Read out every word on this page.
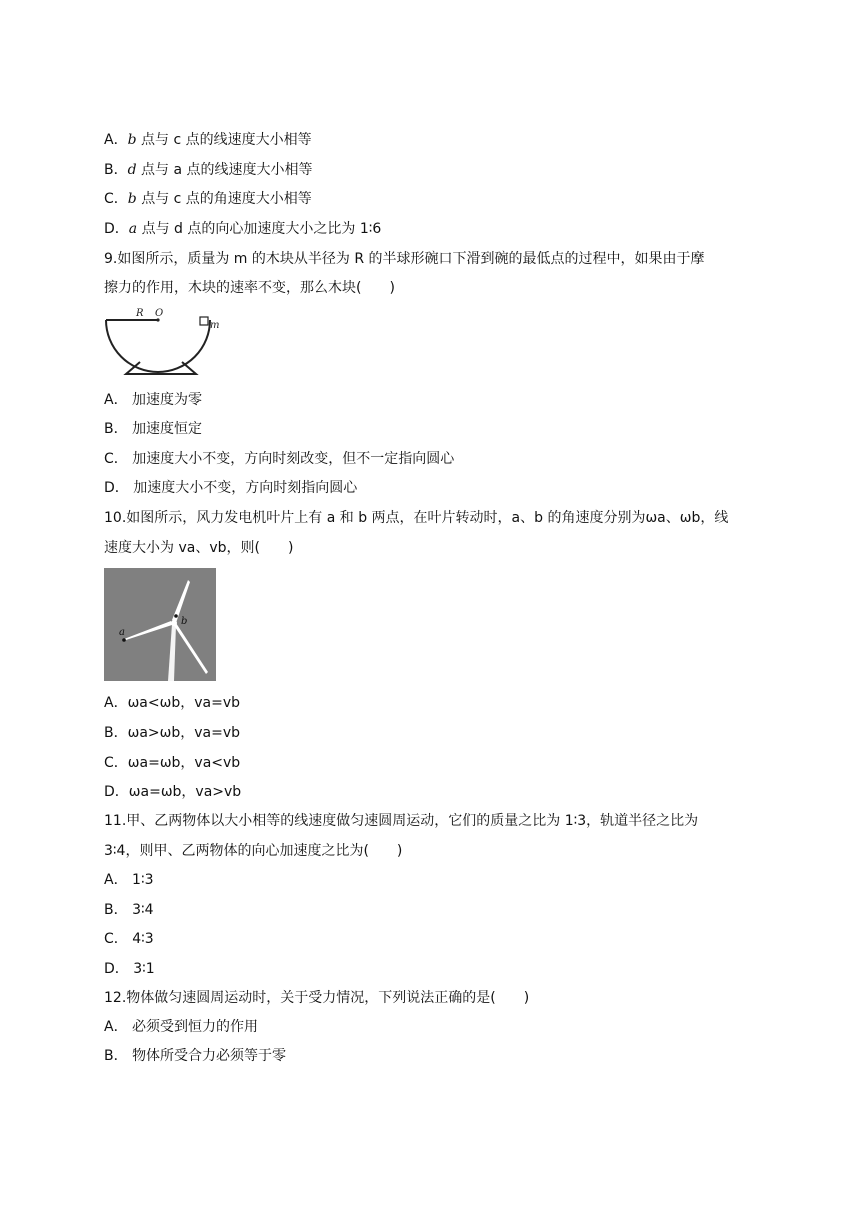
A．b 点与 c 点的线速度大小相等
B．d 点与 a 点的线速度大小相等
C．b 点与 c 点的角速度大小相等
D．a 点与 d 点的向心加速度大小之比为 1∶6
9.如图所示，质量为 m 的木块从半径为 R 的半球形碗口下滑到碗的最低点的过程中，如果由于摩
擦力的作用，木块的速率不变，那么木块(　　)
R O
m
A． 加速度为零
B． 加速度恒定
C． 加速度大小不变，方向时刻改变，但不一定指向圆心
D． 加速度大小不变，方向时刻指向圆心
10.如图所示，风力发电机叶片上有 a 和 b 两点，在叶片转动时，a、b 的角速度分别为ωa、ωb，线
速度大小为 va、vb，则(　　)
a
b
A．ωa<ωb，va=vb
B．ωa>ωb，va=vb
C．ωa=ωb，va<vb
D．ωa=ωb，va>vb
11.甲、乙两物体以大小相等的线速度做匀速圆周运动，它们的质量之比为 1∶3，轨道半径之比为
3∶4，则甲、乙两物体的向心加速度之比为(　　)
A． 1∶3
B． 3∶4
C． 4∶3
D． 3∶1
12.物体做匀速圆周运动时，关于受力情况，下列说法正确的是(　　)
A． 必须受到恒力的作用
B． 物体所受合力必须等于零
